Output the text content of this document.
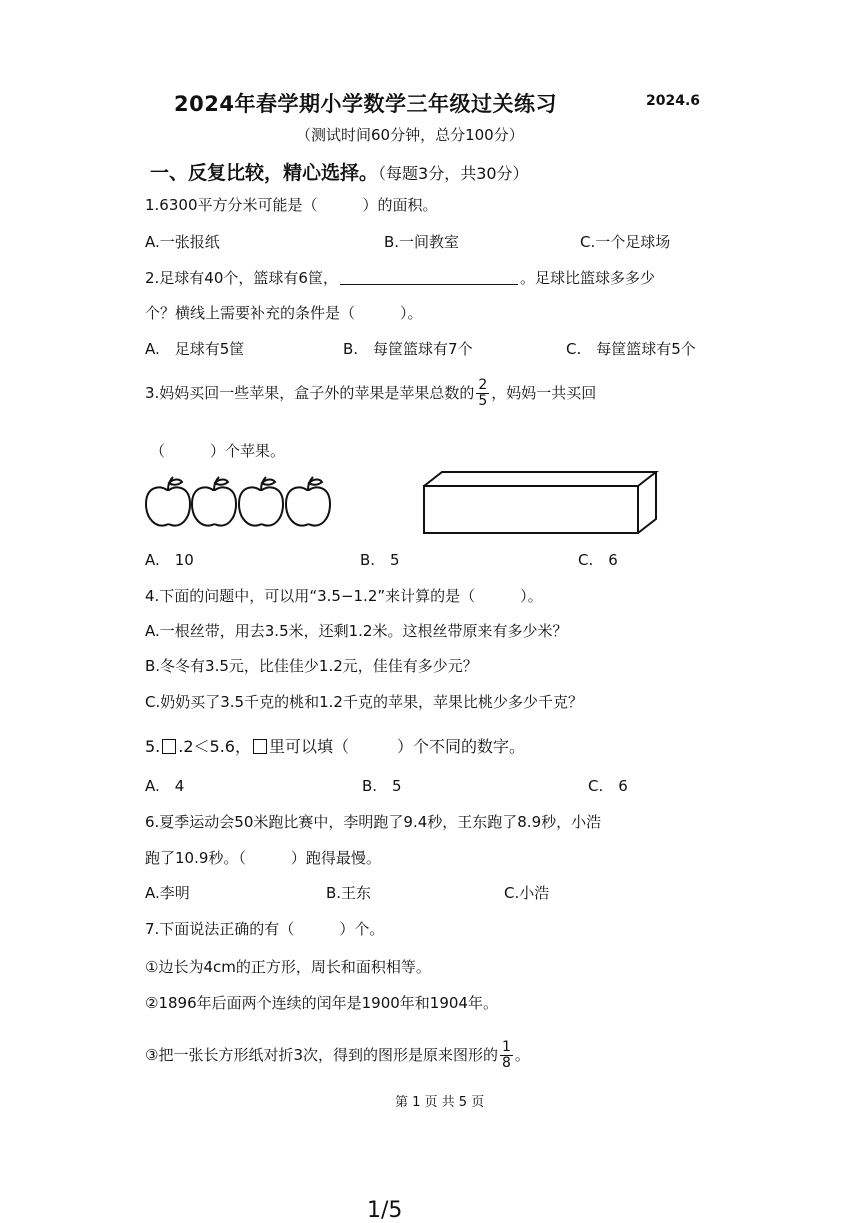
2024年春学期小学数学三年级过关练习	2024.6
（测试时间60分钟，总分100分）
一、反复比较，精心选择。（每题3分，共30分）
1.6300平方分米可能是（　　　）的面积。
A.一张报纸	B.一间教室	C.一个足球场
2.足球有40个，篮球有6筐，	。足球比篮球多多少
个？横线上需要补充的条件是（　　　）。
A.　足球有5筐	B.　每筐篮球有7个	C.　每筐篮球有5个
3.妈妈买回一些苹果，盒子外的苹果是苹果总数的 $\frac{2}{5}$ ，妈妈一共买回
（　　　）个苹果。
A.　10	B.　5	C.　6
4.下面的问题中，可以用“3.5−1.2”来计算的是（　　　）。
A.一根丝带，用去3.5米，还剩1.2米。这根丝带原来有多少米？
B.冬冬有3.5元，比佳佳少1.2元，佳佳有多少元？
C.奶奶买了3.5千克的桃和1.2千克的苹果，苹果比桃少多少千克？
5. .2＜5.6， 里可以填（　　　）个不同的数字。
A.　4	B.　5	C.　6
6.夏季运动会50米跑比赛中，李明跑了9.4秒，王东跑了8.9秒，小浩
跑了10.9秒。（　　　）跑得最慢。
A.李明	B.王东	C.小浩
7.下面说法正确的有（　　　）个。
①边长为4cm的正方形，周长和面积相等。
②1896年后面两个连续的闰年是1900年和1904年。
③把一张长方形纸对折3次，得到的图形是原来图形的 $\frac{1}{8}$ 。
第 1 页 共 5 页
1/5
